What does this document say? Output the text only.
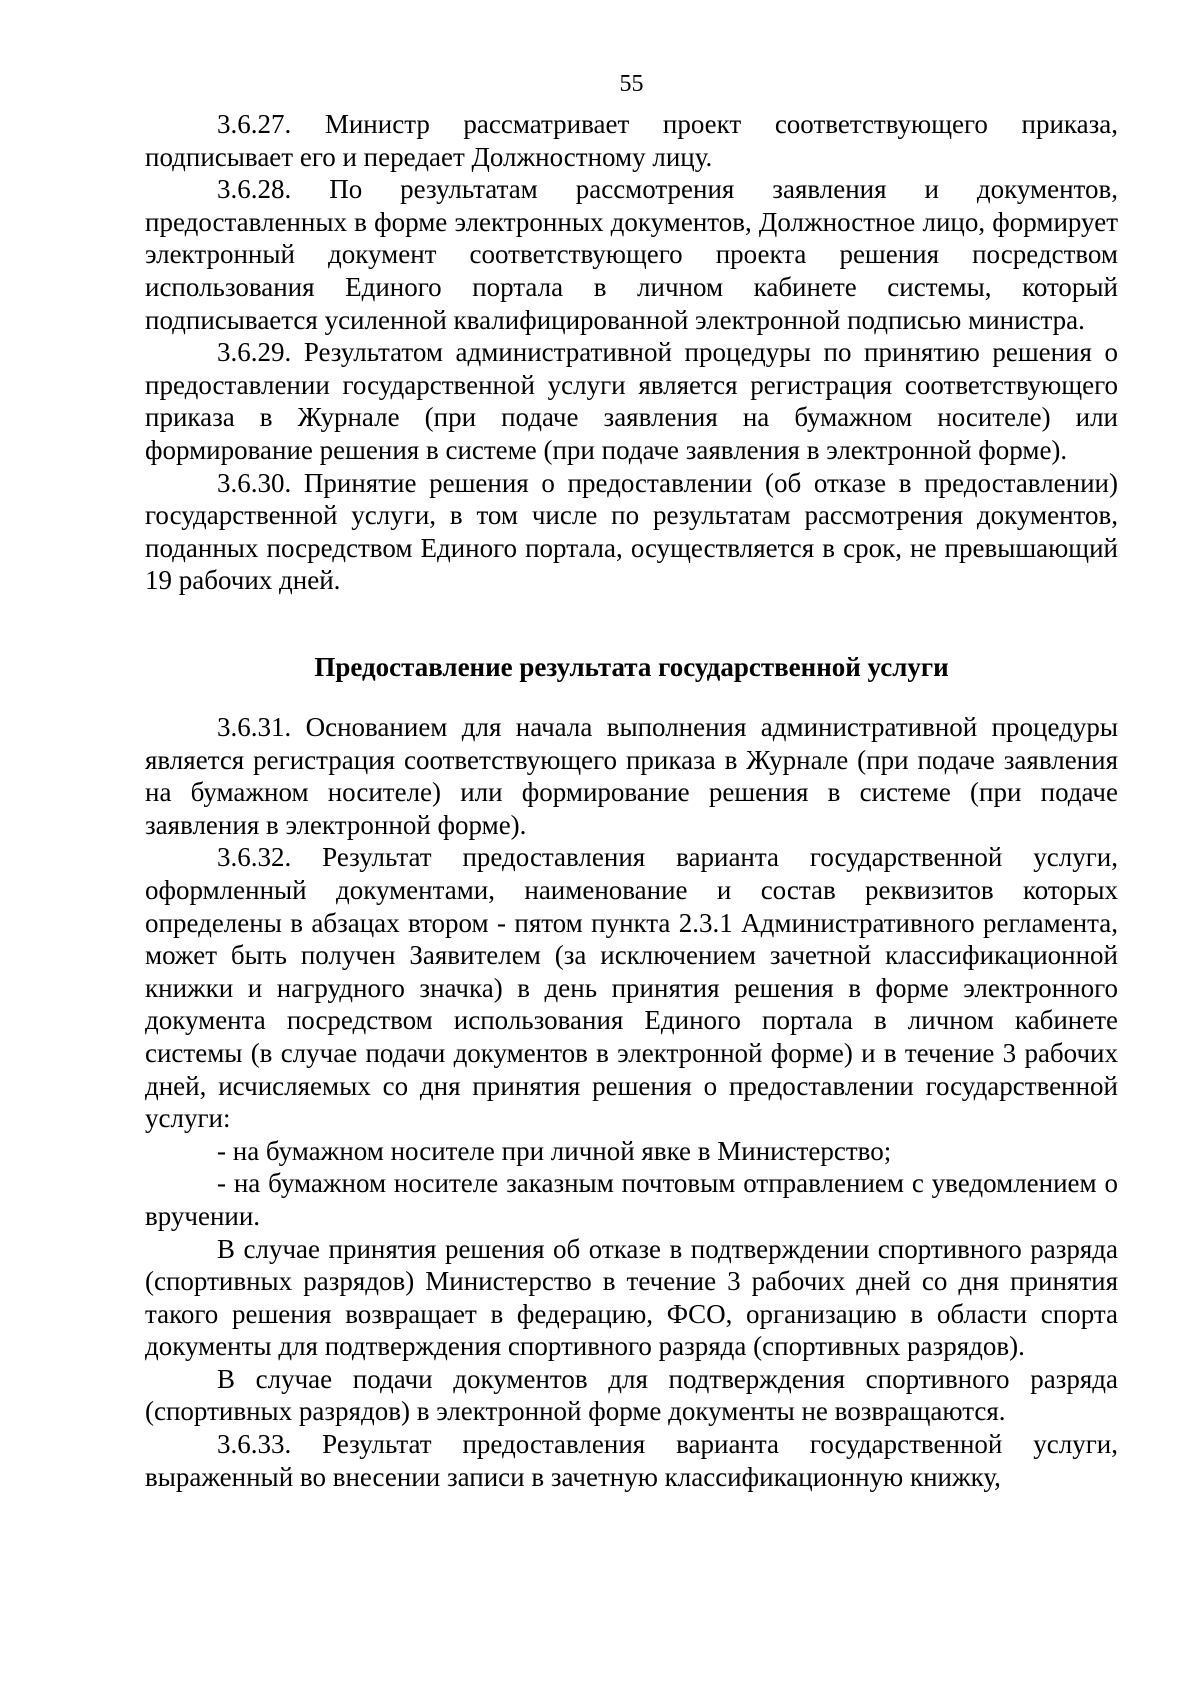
55

3.6.27. Министр рассматривает проект соответствующего приказа, подписывает его и передает Должностному лицу.

3.6.28. По результатам рассмотрения заявления и документов, предоставленных в форме электронных документов, Должностное лицо, формирует электронный документ соответствующего проекта решения посредством использования Единого портала в личном кабинете системы, который подписывается усиленной квалифицированной электронной подписью министра.

3.6.29. Результатом административной процедуры по принятию решения о предоставлении государственной услуги является регистрация соответствующего приказа в Журнале (при подаче заявления на бумажном носителе) или формирование решения в системе (при подаче заявления в электронной форме).

3.6.30. Принятие решения о предоставлении (об отказе в предоставлении) государственной услуги, в том числе по результатам рассмотрения документов, поданных посредством Единого портала, осуществляется в срок, не превышающий 19 рабочих дней.

Предоставление результата государственной услуги

3.6.31. Основанием для начала выполнения административной процедуры является регистрация соответствующего приказа в Журнале (при подаче заявления на бумажном носителе) или формирование решения в системе (при подаче заявления в электронной форме).

3.6.32. Результат предоставления варианта государственной услуги, оформленный документами, наименование и состав реквизитов которых определены в абзацах втором - пятом пункта 2.3.1 Административного регламента, может быть получен Заявителем (за исключением зачетной классификационной книжки и нагрудного значка) в день принятия решения в форме электронного документа посредством использования Единого портала в личном кабинете системы (в случае подачи документов в электронной форме) и в течение 3 рабочих дней, исчисляемых со дня принятия решения о предоставлении государственной услуги:

- на бумажном носителе при личной явке в Министерство;

- на бумажном носителе заказным почтовым отправлением с уведомлением о вручении.

В случае принятия решения об отказе в подтверждении спортивного разряда (спортивных разрядов) Министерство в течение 3 рабочих дней со дня принятия такого решения возвращает в федерацию, ФСО, организацию в области спорта документы для подтверждения спортивного разряда (спортивных разрядов).

В случае подачи документов для подтверждения спортивного разряда (спортивных разрядов) в электронной форме документы не возвращаются.

3.6.33. Результат предоставления варианта государственной услуги, выраженный во внесении записи в зачетную классификационную книжку,
